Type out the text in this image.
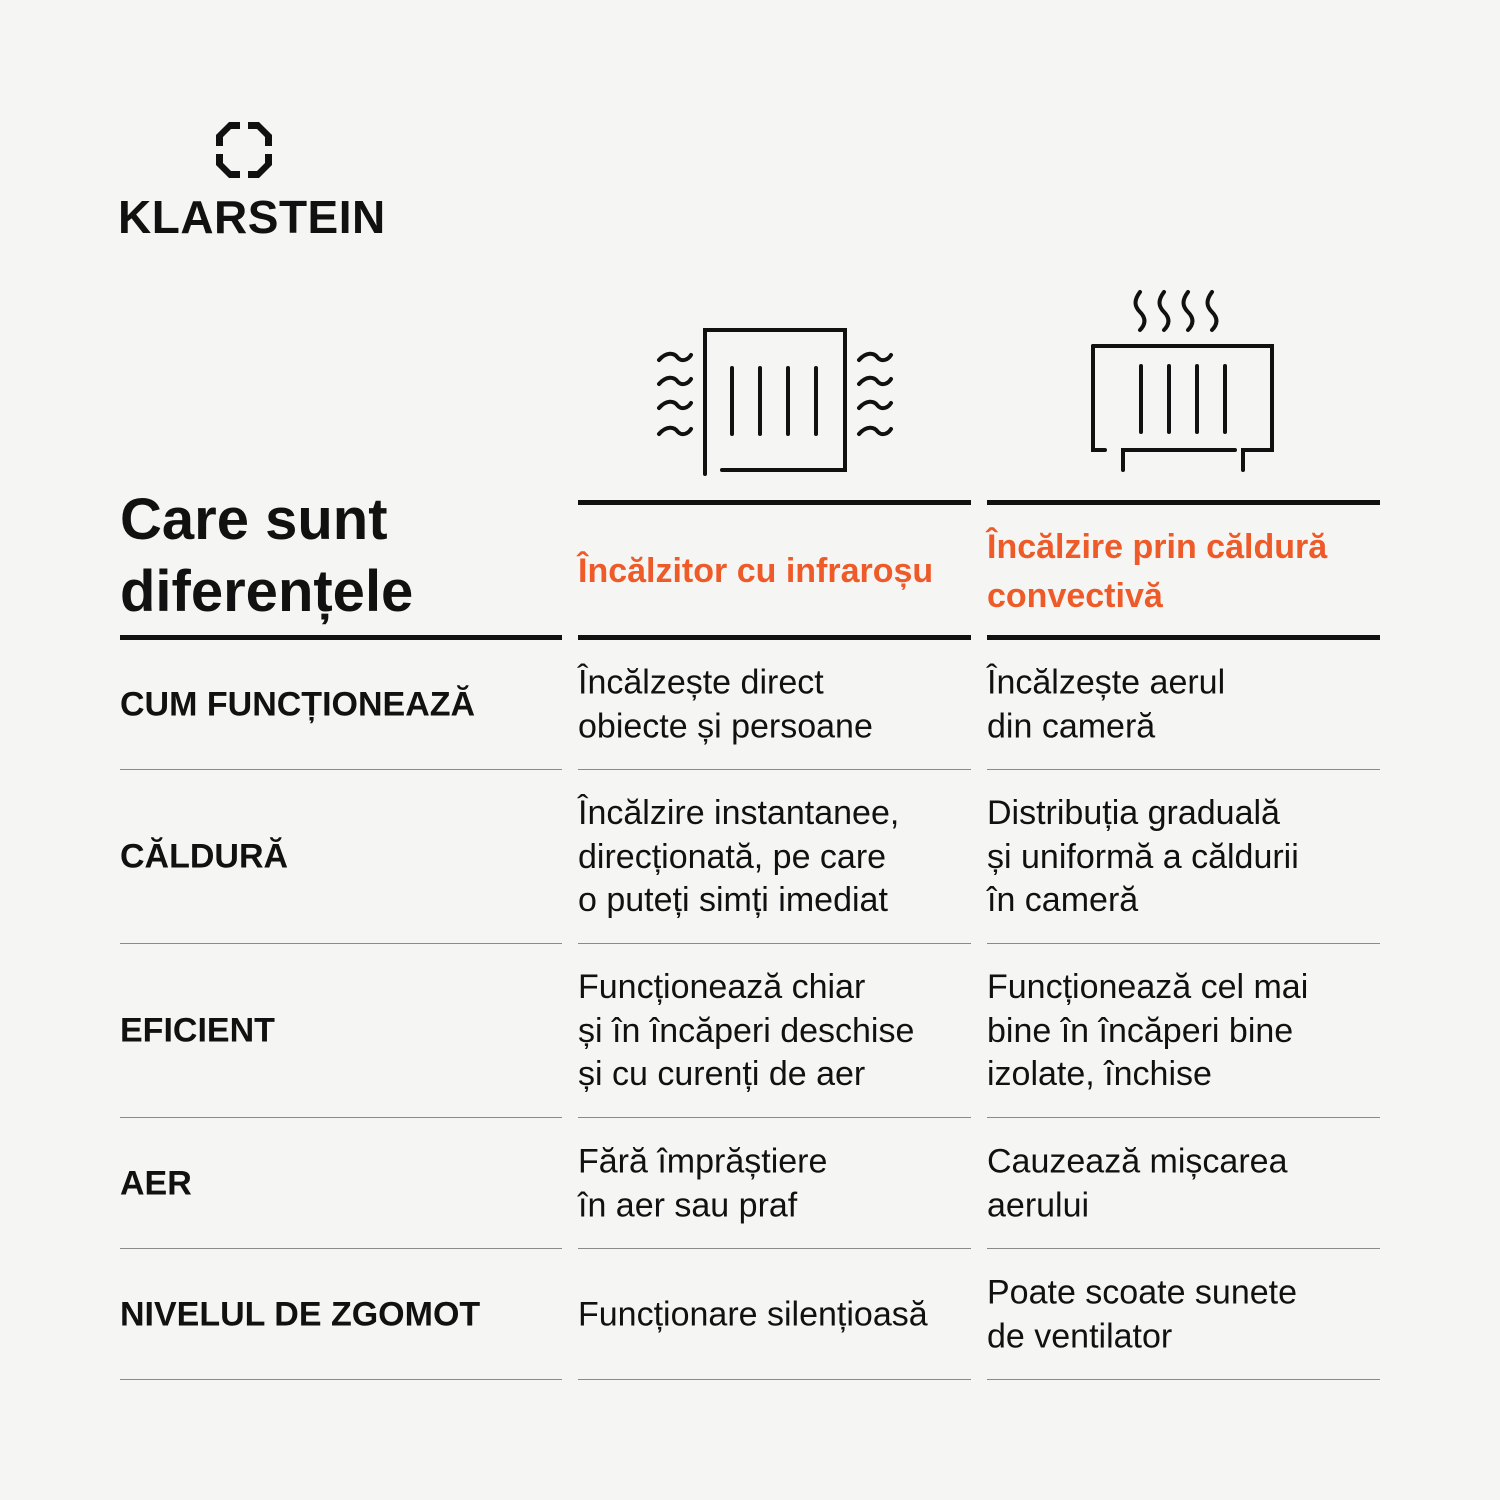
KLARSTEIN
Care sunt
diferențele	Încălzitor cu infraroșu
Încălzire prin căldură
convectivă
CUM FUNCȚIONEAZĂ
Încălzește direct
obiecte și persoane
Încălzește aerul
din cameră
CĂLDURĂ
Încălzire instantanee,
direcționată, pe care
o puteți simți imediat
Distribuția graduală
și uniformă a căldurii
în cameră
EFICIENT
Funcționează chiar
și în încăperi deschise
și cu curenți de aer
Funcționează cel mai
bine în încăperi bine
izolate, închise
AER
Fără împrăștiere
în aer sau praf
Cauzează mișcarea
aerului
NIVELUL DE ZGOMOT	Funcționare silențioasă
Poate scoate sunete
de ventilator
